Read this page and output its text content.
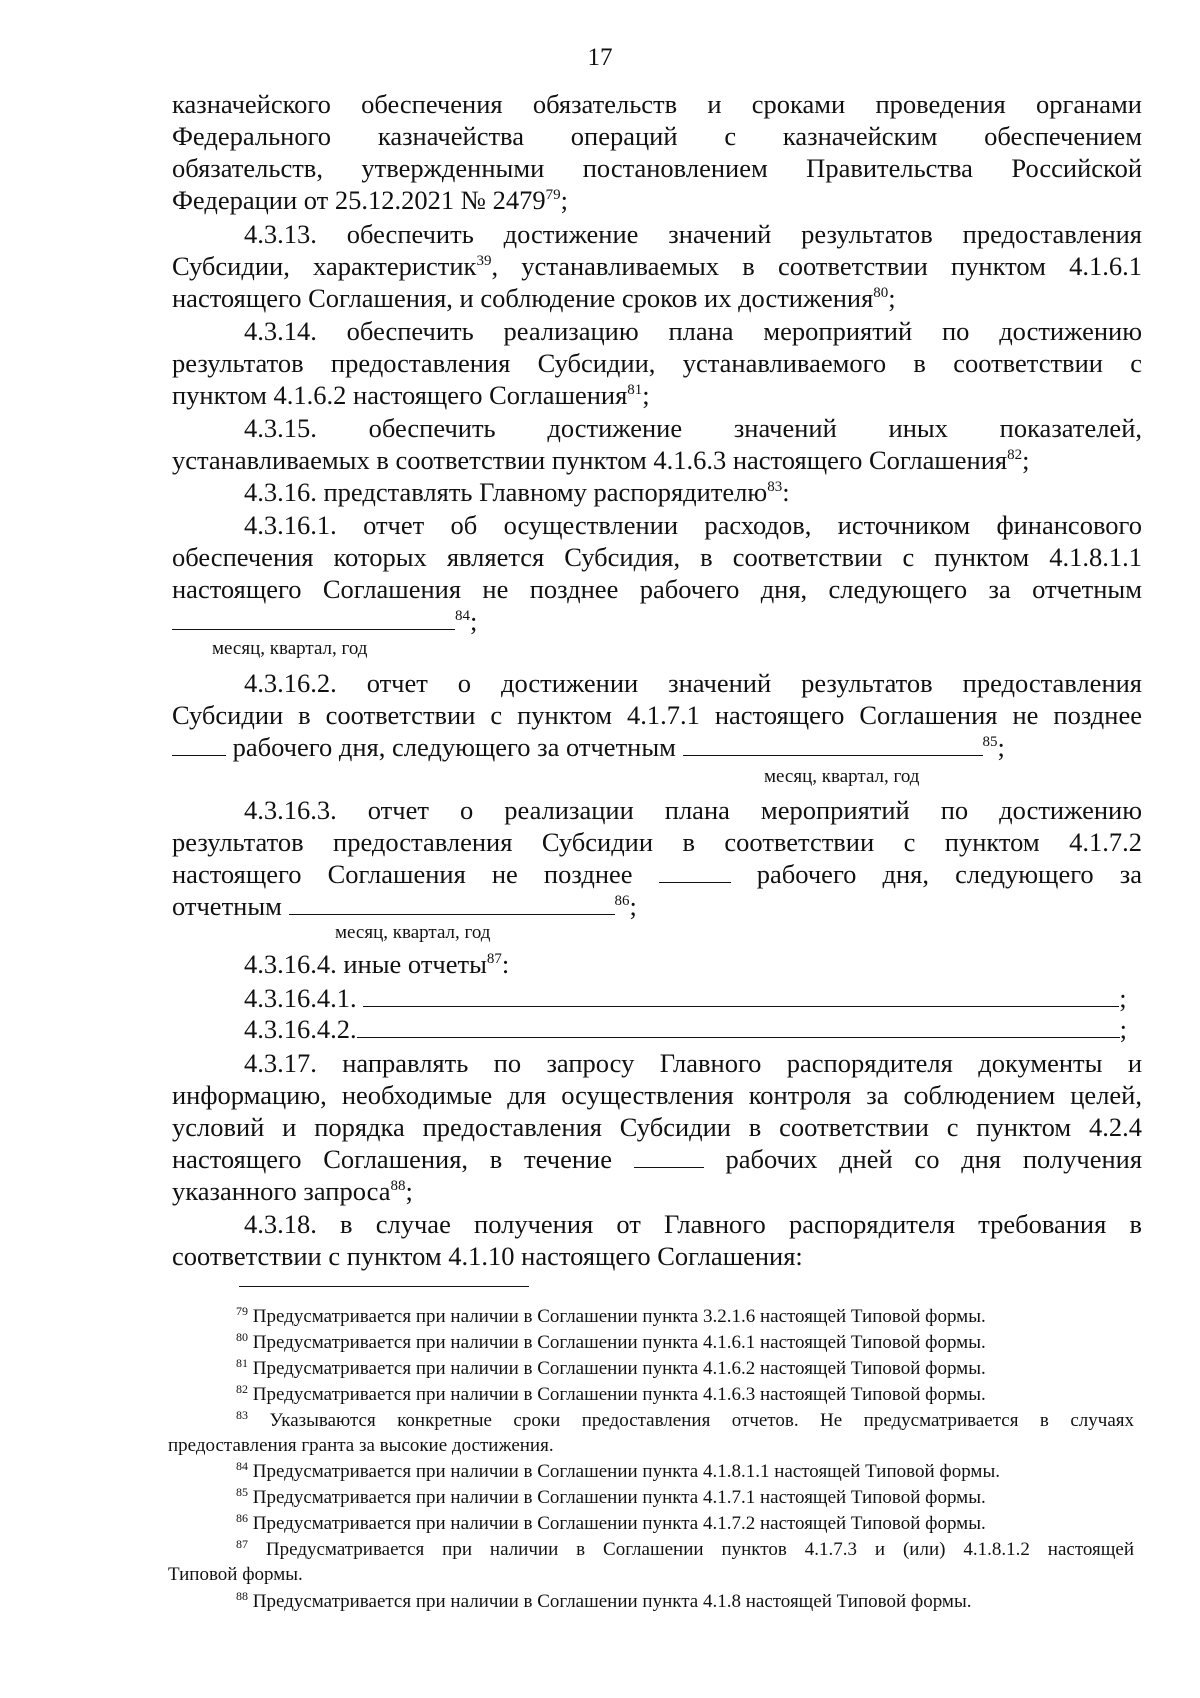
17
казначейского обеспечения обязательств и сроками проведения органами
Федерального казначейства операций с казначейским обеспечением
обязательств, утвержденными постановлением Правительства Российской
Федерации от 25.12.2021 № 2479$^{79}$;
4.3.13. обеспечить достижение значений результатов предоставления
Субсидии, характеристик$^{39}$, устанавливаемых в соответствии пунктом 4.1.6.1
настоящего Соглашения, и соблюдение сроков их достижения$^{80}$;
4.3.14. обеспечить реализацию плана мероприятий по достижению
результатов предоставления Субсидии, устанавливаемого в соответствии с
пунктом 4.1.6.2 настоящего Соглашения$^{81}$;
4.3.15. обеспечить достижение значений иных показателей,
устанавливаемых в соответствии пунктом 4.1.6.3 настоящего Соглашения$^{82}$;
4.3.16. представлять Главному распорядителю$^{83}$:
4.3.16.1. отчет об осуществлении расходов, источником финансового
обеспечения которых является Субсидия, в соответствии с пунктом 4.1.8.1.1
настоящего Соглашения не позднее рабочего дня, следующего за отчетным
$^{84}$;
месяц, квартал, год
4.3.16.2. отчет о достижении значений результатов предоставления
Субсидии в соответствии с пунктом 4.1.7.1 настоящего Соглашения не позднее
рабочего дня, следующего за отчетным	$^{85}$;
месяц, квартал, год
4.3.16.3. отчет о реализации плана мероприятий по достижению
результатов предоставления Субсидии в соответствии с пунктом 4.1.7.2
настоящего Соглашения не позднее	рабочего дня, следующего за
отчетным	$^{86}$;
месяц, квартал, год
4.3.16.4. иные отчеты$^{87}$:
4.3.16.4.1.	;
4.3.16.4.2.	;
4.3.17. направлять по запросу Главного распорядителя документы и
информацию, необходимые для осуществления контроля за соблюдением целей,
условий и порядка предоставления Субсидии в соответствии с пунктом 4.2.4
настоящего Соглашения, в течение	рабочих дней со дня получения
указанного запроса$^{88}$;
4.3.18. в случае получения от Главного распорядителя требования в
соответствии с пунктом 4.1.10 настоящего Соглашения:
$^{79}$ Предусматривается при наличии в Соглашении пункта 3.2.1.6 настоящей Типовой формы.
$^{80}$ Предусматривается при наличии в Соглашении пункта 4.1.6.1 настоящей Типовой формы.
$^{81}$ Предусматривается при наличии в Соглашении пункта 4.1.6.2 настоящей Типовой формы.
$^{82}$ Предусматривается при наличии в Соглашении пункта 4.1.6.3 настоящей Типовой формы.
$^{83}$ Указываются конкретные сроки предоставления отчетов. Не предусматривается в случаях
предоставления гранта за высокие достижения.
$^{84}$ Предусматривается при наличии в Соглашении пункта 4.1.8.1.1 настоящей Типовой формы.
$^{85}$ Предусматривается при наличии в Соглашении пункта 4.1.7.1 настоящей Типовой формы.
$^{86}$ Предусматривается при наличии в Соглашении пункта 4.1.7.2 настоящей Типовой формы.
$^{87}$ Предусматривается при наличии в Соглашении пунктов 4.1.7.3 и (или) 4.1.8.1.2 настоящей
Типовой формы.
$^{88}$ Предусматривается при наличии в Соглашении пункта 4.1.8 настоящей Типовой формы.
